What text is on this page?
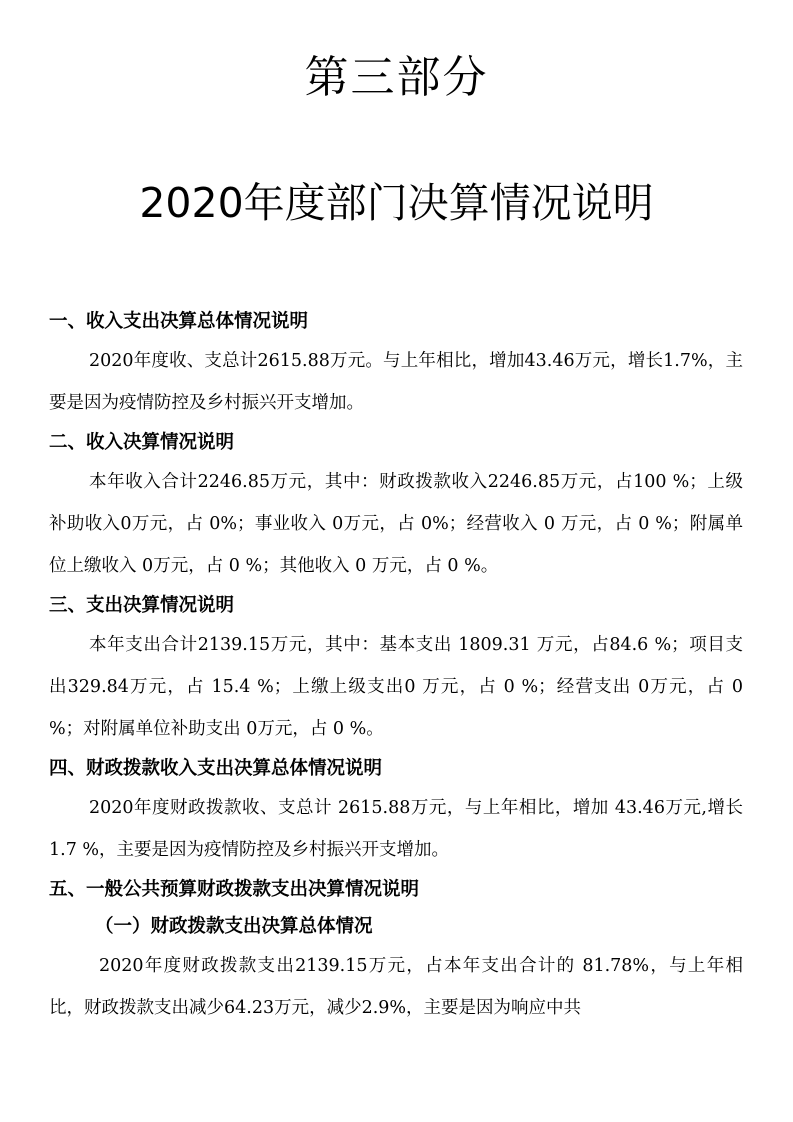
第三部分
2020年度部门决算情况说明
一、收入支出决算总体情况说明
2020年度收、支总计2615.88万元。与上年相比，增加43.46万元，增长1.7%，主要是因为疫情防控及乡村振兴开支增加。
二、收入决算情况说明
本年收入合计2246.85万元，其中：财政拨款收入2246.85万元，占100 %；上级补助收入0万元，占 0%；事业收入 0万元，占 0%；经营收入 0 万元，占 0 %；附属单位上缴收入 0万元，占 0 %；其他收入 0 万元，占 0 %。
三、支出决算情况说明
本年支出合计2139.15万元，其中：基本支出 1809.31 万元，占84.6 %；项目支出329.84万元，占 15.4 %；上缴上级支出0 万元，占 0 %；经营支出 0万元，占 0 %；对附属单位补助支出 0万元，占 0 %。
四、财政拨款收入支出决算总体情况说明
2020年度财政拨款收、支总计 2615.88万元，与上年相比，增加 43.46万元,增长 1.7 %，主要是因为疫情防控及乡村振兴开支增加。
五、一般公共预算财政拨款支出决算情况说明
（一）财政拨款支出决算总体情况
2020年度财政拨款支出2139.15万元，占本年支出合计的 81.78%，与上年相比，财政拨款支出减少64.23万元，减少2.9%，主要是因为响应中共
